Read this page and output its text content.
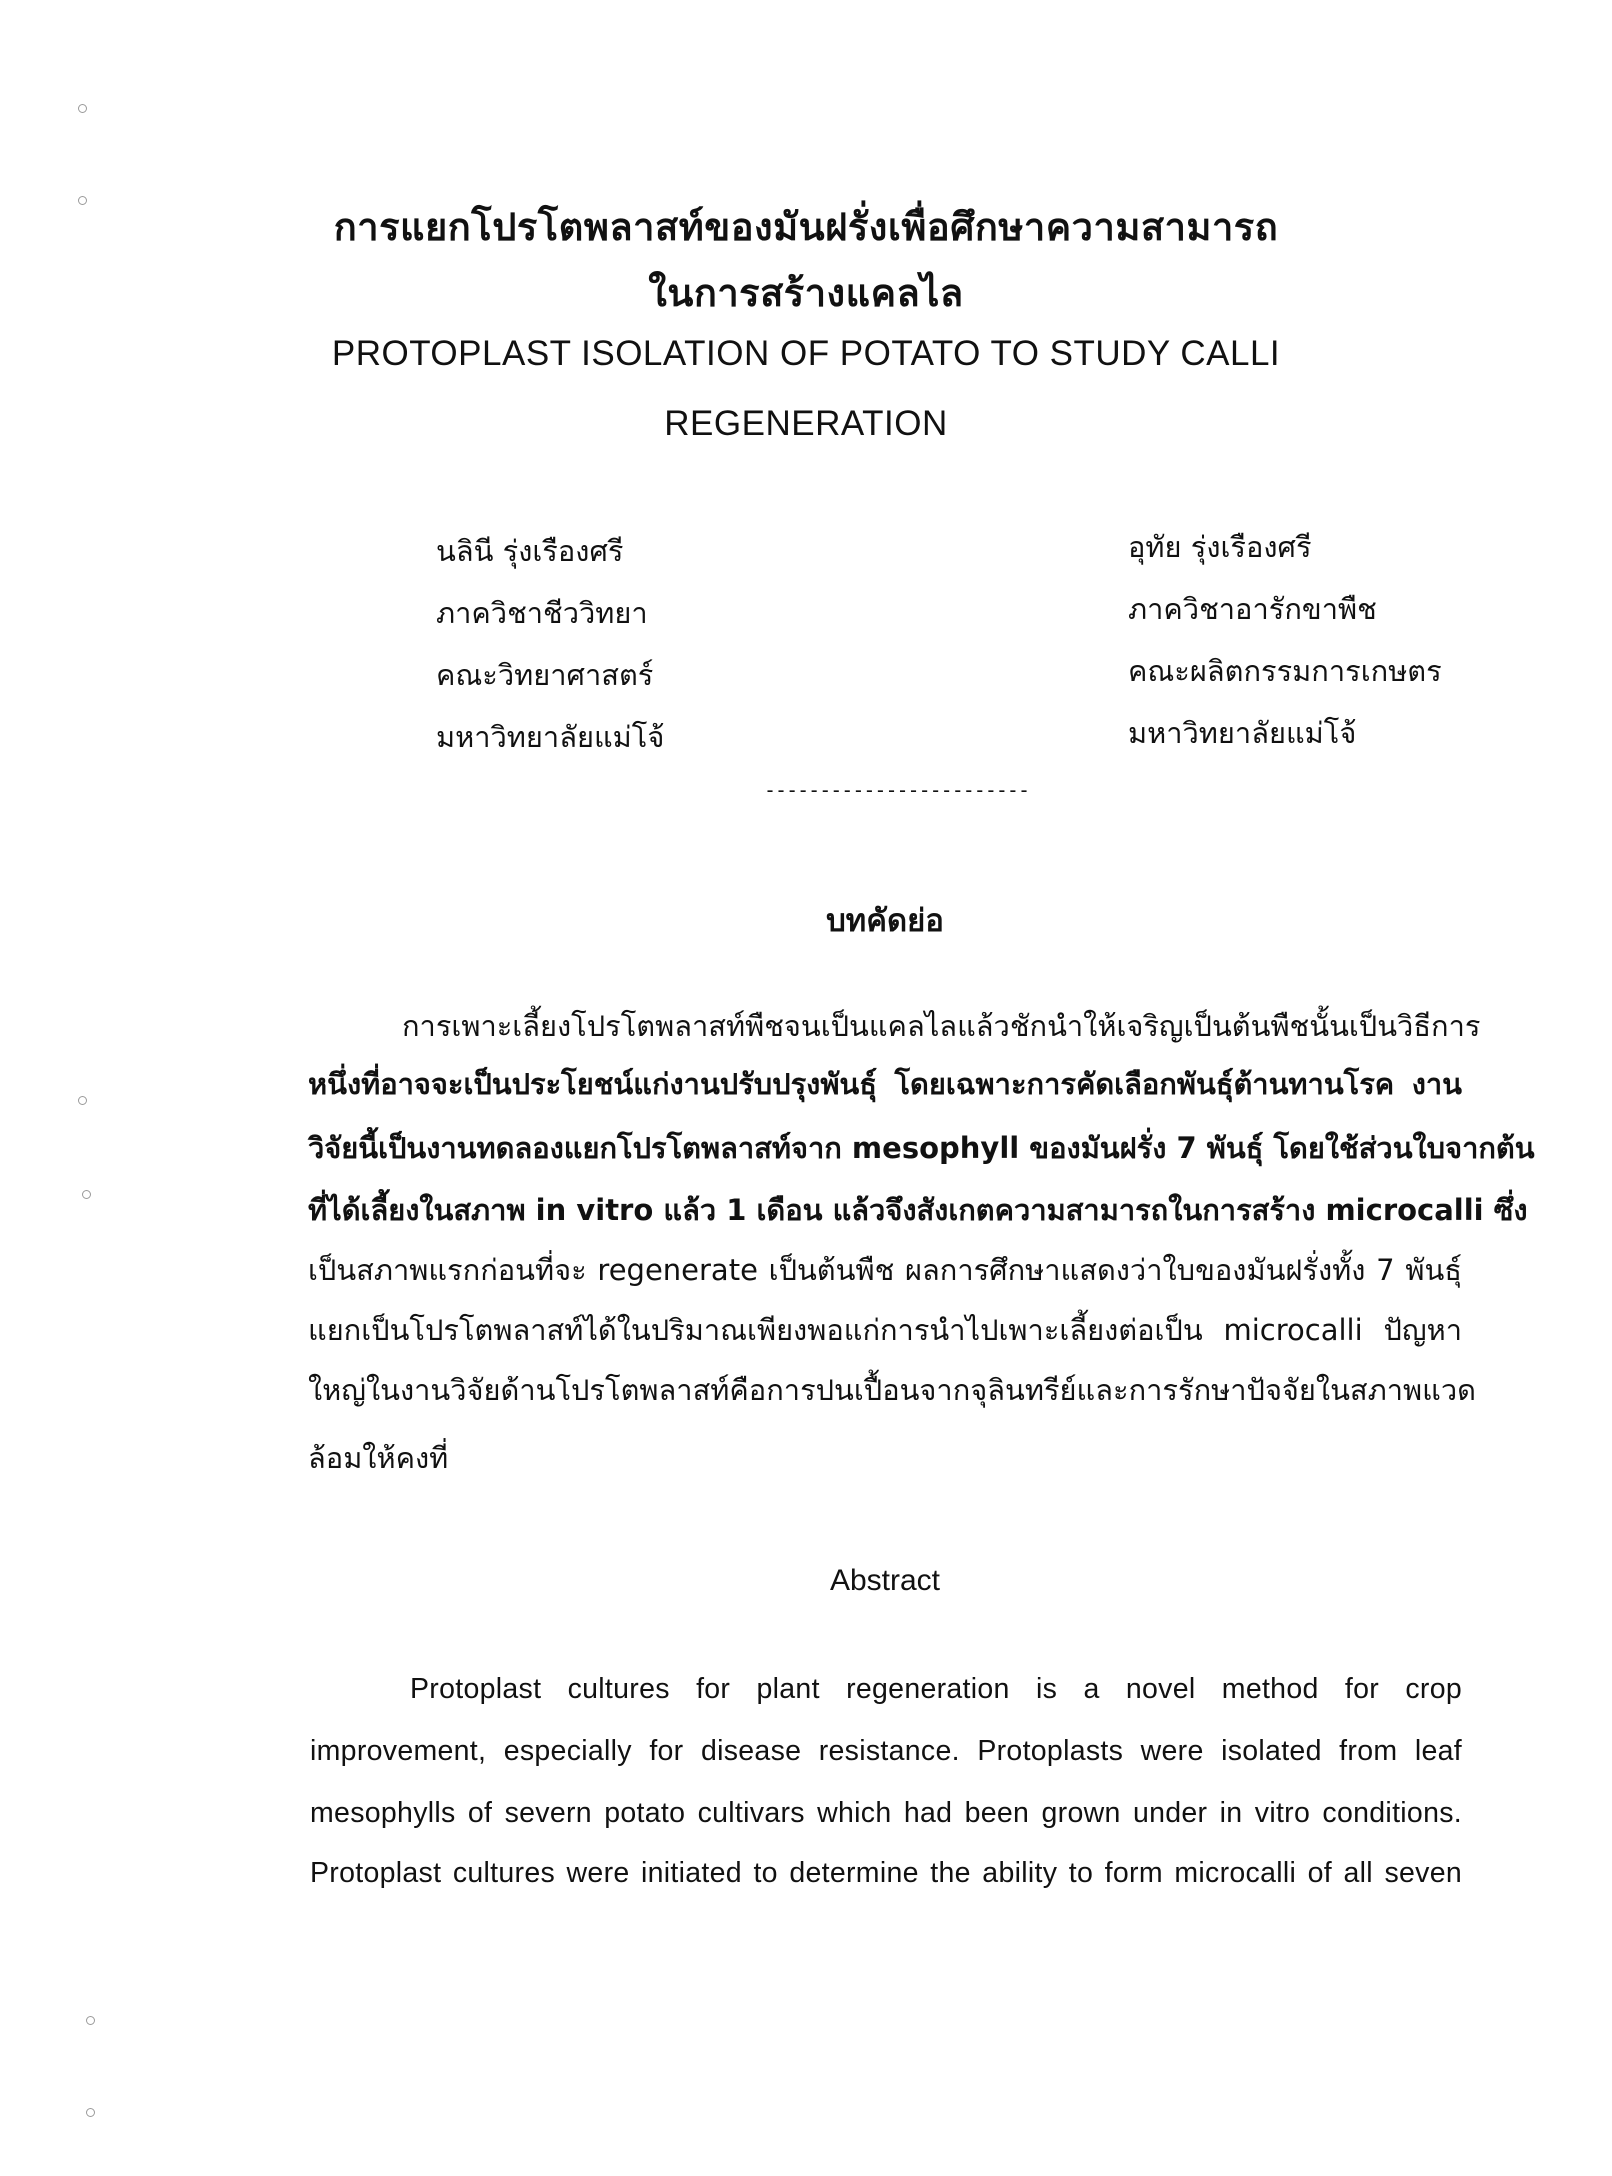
การแยกโปรโตพลาสท์ของมันฝรั่งเพื่อศึกษาความสามารถ
ในการสร้างแคลไล
PROTOPLAST ISOLATION OF POTATO TO STUDY CALLI
REGENERATION
นลินี รุ่งเรืองศรี
ภาควิชาชีววิทยา
คณะวิทยาศาสตร์
มหาวิทยาลัยแม่โจ้
อุทัย รุ่งเรืองศรี
ภาควิชาอารักขาพืช
คณะผลิตกรรมการเกษตร
มหาวิทยาลัยแม่โจ้
------------------------
บทคัดย่อ
การเพาะเลี้ยงโปรโตพลาสท์พืชจนเป็นแคลไลแล้วชักนำให้เจริญเป็นต้นพืชนั้นเป็นวิธีการ
หนึ่งที่อาจจะเป็นประโยชน์แก่งานปรับปรุงพันธุ์ โดยเฉพาะการคัดเลือกพันธุ์ต้านทานโรค งาน
วิจัยนี้เป็นงานทดลองแยกโปรโตพลาสท์จาก mesophyll ของมันฝรั่ง 7 พันธุ์ โดยใช้ส่วนใบจากต้น
ที่ได้เลี้ยงในสภาพ in vitro แล้ว 1 เดือน แล้วจึงสังเกตความสามารถในการสร้าง microcalli ซึ่ง
เป็นสภาพแรกก่อนที่จะ regenerate เป็นต้นพืช ผลการศึกษาแสดงว่าใบของมันฝรั่งทั้ง 7 พันธุ์
แยกเป็นโปรโตพลาสท์ได้ในปริมาณเพียงพอแก่การนำไปเพาะเลี้ยงต่อเป็น microcalli ปัญหา
ใหญ่ในงานวิจัยด้านโปรโตพลาสท์คือการปนเปื้อนจากจุลินทรีย์และการรักษาปัจจัยในสภาพแวด
ล้อมให้คงที่
Abstract
Protoplast cultures for plant regeneration is a novel method for crop
improvement, especially for disease resistance. Protoplasts were isolated from leaf
mesophylls of severn potato cultivars which had been grown under in vitro conditions.
Protoplast cultures were initiated to determine the ability to form microcalli of all seven
